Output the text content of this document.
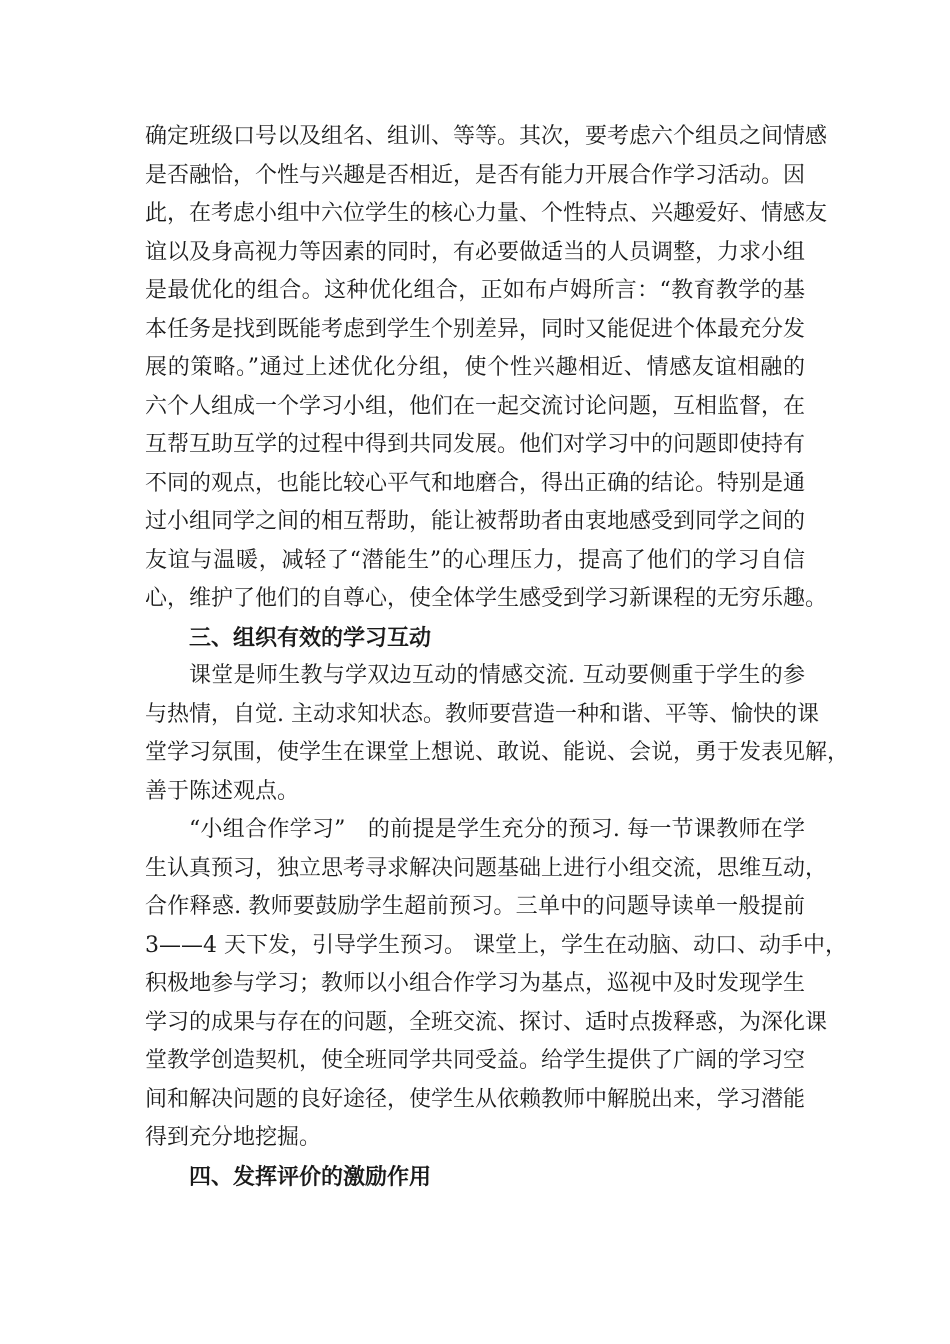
确定班级口号以及组名、组训、等等。其次，要考虑六个组员之间情感
是否融恰，个性与兴趣是否相近，是否有能力开展合作学习活动。因
此，在考虑小组中六位学生的核心力量、个性特点、兴趣爱好、情感友
谊以及身高视力等因素的同时，有必要做适当的人员调整，力求小组
是最优化的组合。这种优化组合，正如布卢姆所言：“教育教学的基
本任务是找到既能考虑到学生个别差异，同时又能促进个体最充分发
展的策略。”通过上述优化分组，使个性兴趣相近、情感友谊相融的
六个人组成一个学习小组，他们在一起交流讨论问题，互相监督，在
互帮互助互学的过程中得到共同发展。他们对学习中的问题即使持有
不同的观点，也能比较心平气和地磨合，得出正确的结论。特别是通
过小组同学之间的相互帮助，能让被帮助者由衷地感受到同学之间的
友谊与温暖，减轻了“潜能生”的心理压力，提高了他们的学习自信
心，维护了他们的自尊心，使全体学生感受到学习新课程的无穷乐趣。
三、组织有效的学习互动
课堂是师生教与学双边互动的情感交流. 互动要侧重于学生的参
与热情，自觉. 主动求知状态。教师要营造一种和谐、平等、愉快的课
堂学习氛围，使学生在课堂上想说、敢说、能说、会说，勇于发表见解，
善于陈述观点。
“小组合作学习”　的前提是学生充分的预习. 每一节课教师在学
生认真预习，独立思考寻求解决问题基础上进行小组交流，思维互动，
合作释惑. 教师要鼓励学生超前预习。三单中的问题导读单一般提前
3——4 天下发，引导学生预习。 课堂上，学生在动脑、动口、动手中，
积极地参与学习；教师以小组合作学习为基点，巡视中及时发现学生
学习的成果与存在的问题，全班交流、探讨、适时点拨释惑，为深化课
堂教学创造契机，使全班同学共同受益。给学生提供了广阔的学习空
间和解决问题的良好途径，使学生从依赖教师中解脱出来，学习潜能
得到充分地挖掘。
四、发挥评价的激励作用
